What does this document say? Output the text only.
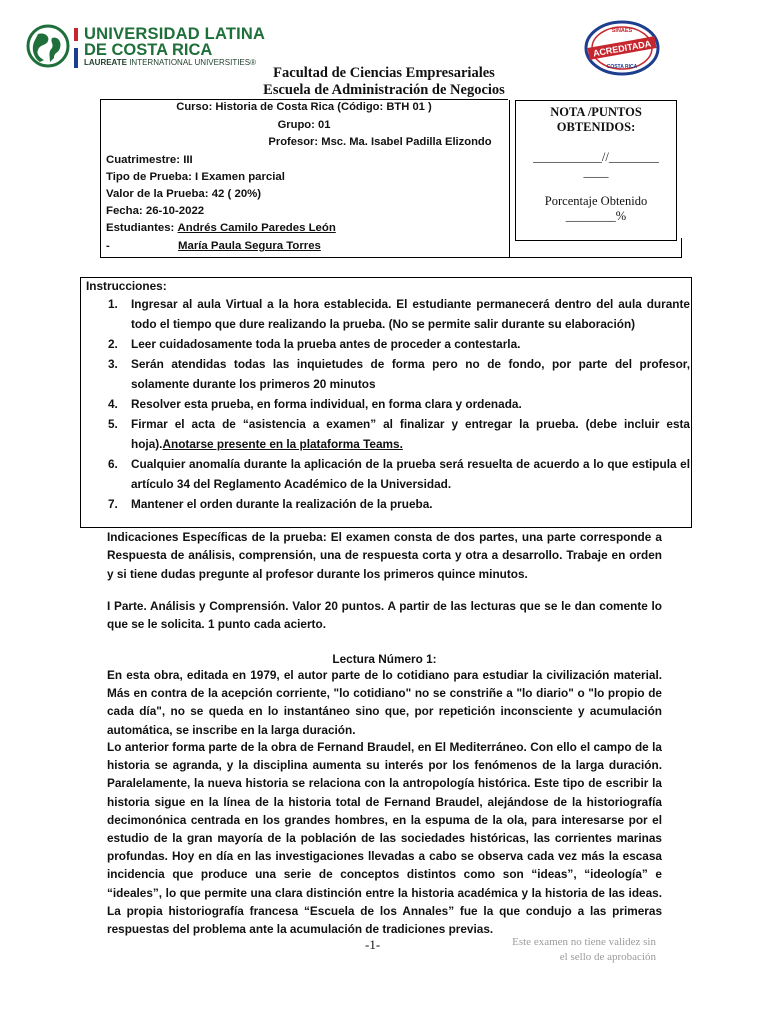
UNIVERSIDAD LATINA
DE COSTA RICA
LAUREATE INTERNATIONAL UNIVERSITIES®
SINAES
ACREDITADA
COSTA RICA
Facultad de Ciencias Empresariales
Escuela de Administración de Negocios
Curso: Historia de Costa Rica (Código: BTH 01 )
Grupo: 01
Profesor: Msc. Ma. Isabel Padilla Elizondo
Cuatrimestre: III
Tipo de Prueba: I Examen parcial
Valor de la Prueba: 42 ( 20%)
Fecha: 26-10-2022
Estudiantes: Andrés Camilo Paredes León
-	María Paula Segura Torres
NOTA /PUNTOS
OBTENIDOS:
___________//________
____
Porcentaje Obtenido
________%
Instrucciones:
1. Ingresar al aula Virtual a la hora establecida. El estudiante permanecerá dentro del aula durante todo el tiempo que dure realizando la prueba. (No se permite salir durante su elaboración)
2. Leer cuidadosamente toda la prueba antes de proceder a contestarla.
3. Serán atendidas todas las inquietudes de forma pero no de fondo, por parte del profesor, solamente durante los primeros 20 minutos
4. Resolver esta prueba, en forma individual, en forma clara y ordenada.
5. Firmar el acta de “asistencia a examen” al finalizar y entregar la prueba. (debe incluir esta hoja).Anotarse presente en la plataforma Teams.
6. Cualquier anomalía durante la aplicación de la prueba será resuelta de acuerdo a lo que estipula el artículo 34 del Reglamento Académico de la Universidad.
7. Mantener el orden durante la realización de la prueba.
Indicaciones Específicas de la prueba: El examen consta de dos partes, una parte corresponde a Respuesta de análisis, comprensión, una de respuesta corta y otra a desarrollo. Trabaje en orden y si tiene dudas pregunte al profesor durante los primeros quince minutos.
I Parte. Análisis y Comprensión. Valor 20 puntos. A partir de las lecturas que se le dan comente lo que se le solicita. 1 punto cada acierto.
Lectura Número 1:
En esta obra, editada en 1979, el autor parte de lo cotidiano para estudiar la civilización material. Más en contra de la acepción corriente, "lo cotidiano" no se constriñe a "lo diario" o "lo propio de cada día", no se queda en lo instantáneo sino que, por repetición inconsciente y acumulación automática, se inscribe en la larga duración.
Lo anterior forma parte de la obra de Fernand Braudel, en El Mediterráneo. Con ello el campo de la historia se agranda, y la disciplina aumenta su interés por los fenómenos de la larga duración. Paralelamente, la nueva historia se relaciona con la antropología histórica. Este tipo de escribir la historia sigue en la línea de la historia total de Fernand Braudel, alejándose de la historiografía decimonónica centrada en los grandes hombres, en la espuma de la ola, para interesarse por el estudio de la gran mayoría de la población de las sociedades históricas, las corrientes marinas profundas. Hoy en día en las investigaciones llevadas a cabo se observa cada vez más la escasa incidencia que produce una serie de conceptos distintos como son “ideas”, “ideología” e “ideales”, lo que permite una clara distinción entre la historia académica y la historia de las ideas. La propia historiografía francesa “Escuela de los Annales” fue la que condujo a las primeras respuestas del problema ante la acumulación de tradiciones previas.
-1-	Este examen no tiene validez sin
el sello de aprobación
